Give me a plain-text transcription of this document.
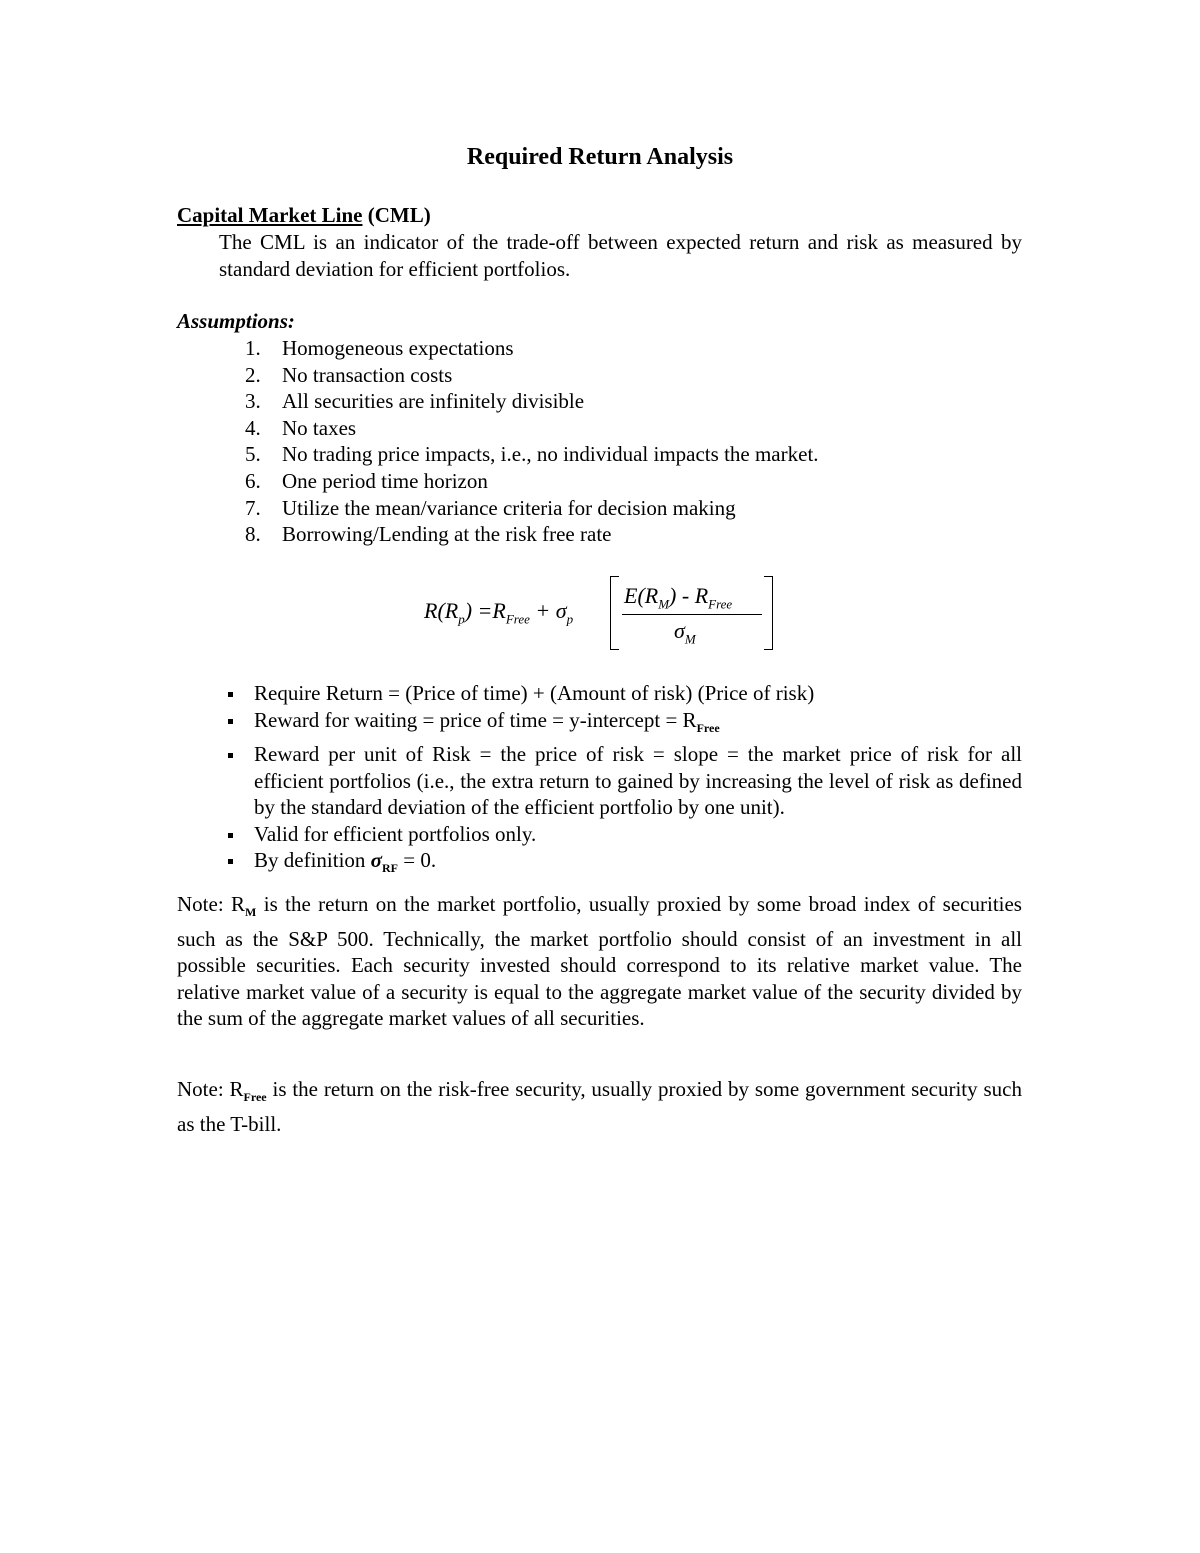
Required Return Analysis
Capital Market Line (CML)
The CML is an indicator of the trade-off between expected return and risk as measured by standard deviation for efficient portfolios.
Assumptions:
1. Homogeneous expectations
2. No transaction costs
3. All securities are infinitely divisible
4. No taxes
5. No trading price impacts, i.e., no individual impacts the market.
6. One period time horizon
7. Utilize the mean/variance criteria for decision making
8. Borrowing/Lending at the risk free rate
$R(R_p) =R_{Free} + \sigma_p$
$E(R_M) - R_{Free}$
$\sigma_M$
Require Return = (Price of time) + (Amount of risk) (Price of risk)
Reward for waiting = price of time = y-intercept = $R_{Free}$
Reward per unit of Risk = the price of risk = slope = the market price of risk for all efficient portfolios (i.e., the extra return to gained by increasing the level of risk as defined by the standard deviation of the efficient portfolio by one unit).
Valid for efficient portfolios only.
By definition $\sigma_{RF} = 0$.

Note: $R_M$ is the return on the market portfolio, usually proxied by some broad index of securities such as the S&P 500. Technically, the market portfolio should consist of an investment in all possible securities. Each security invested should correspond to its relative market value. The relative market value of a security is equal to the aggregate market value of the security divided by the sum of the aggregate market values of all securities.

Note: $R_{Free}$ is the return on the risk-free security, usually proxied by some government security such as the T-bill.
